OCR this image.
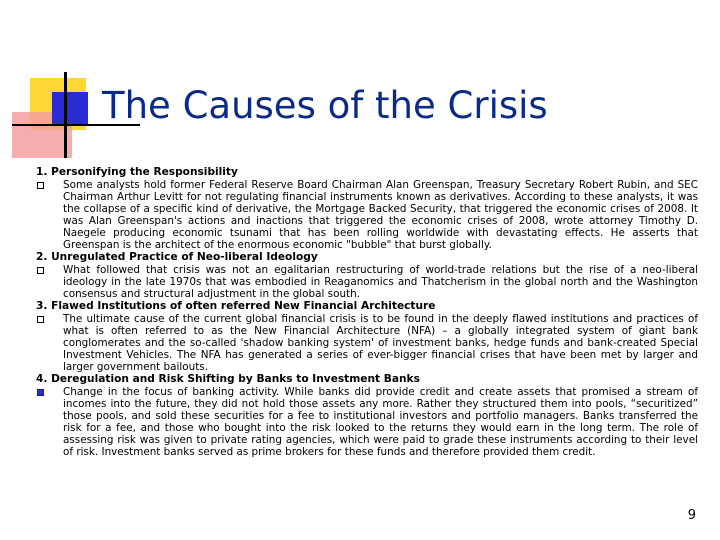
The Causes of the Crisis

1. Personifying the Responsibility

Some analysts hold former Federal Reserve Board Chairman Alan Greenspan, Treasury Secretary Robert Rubin, and SEC Chairman Arthur Levitt for not regulating financial instruments known as derivatives. According to these analysts, it was the collapse of a specific kind of derivative, the Mortgage Backed Security, that triggered the economic crises of 2008. It was Alan Greenspan's actions and inactions that triggered the economic crises of 2008, wrote attorney Timothy D. Naegele producing economic tsunami that has been rolling worldwide with devastating effects. He asserts that Greenspan is the architect of the enormous economic "bubble" that burst globally.

2. Unregulated Practice of Neo-liberal Ideology

What followed that crisis was not an egalitarian restructuring of world-trade relations but the rise of a neo-liberal ideology in the late 1970s that was embodied in Reaganomics and Thatcherism in the global north and the Washington consensus and structural adjustment in the global south.

3. Flawed Institutions of often referred New Financial Architecture

The ultimate cause of the current global financial crisis is to be found in the deeply flawed institutions and practices of what is often referred to as the New Financial Architecture (NFA) – a globally integrated system of giant bank conglomerates and the so-called 'shadow banking system' of investment banks, hedge funds and bank-created Special Investment Vehicles. The NFA has generated a series of ever-bigger financial crises that have been met by larger and larger government bailouts.

4. Deregulation and Risk Shifting by Banks to Investment Banks

Change in the focus of banking activity. While banks did provide credit and create assets that promised a stream of incomes into the future, they did not hold those assets any more. Rather they structured them into pools, “securitized” those pools, and sold these securities for a fee to institutional investors and portfolio managers. Banks transferred the risk for a fee, and those who bought into the risk looked to the returns they would earn in the long term. The role of assessing risk was given to private rating agencies, which were paid to grade these instruments according to their level of risk. Investment banks served as prime brokers for these funds and therefore provided them credit.

9
